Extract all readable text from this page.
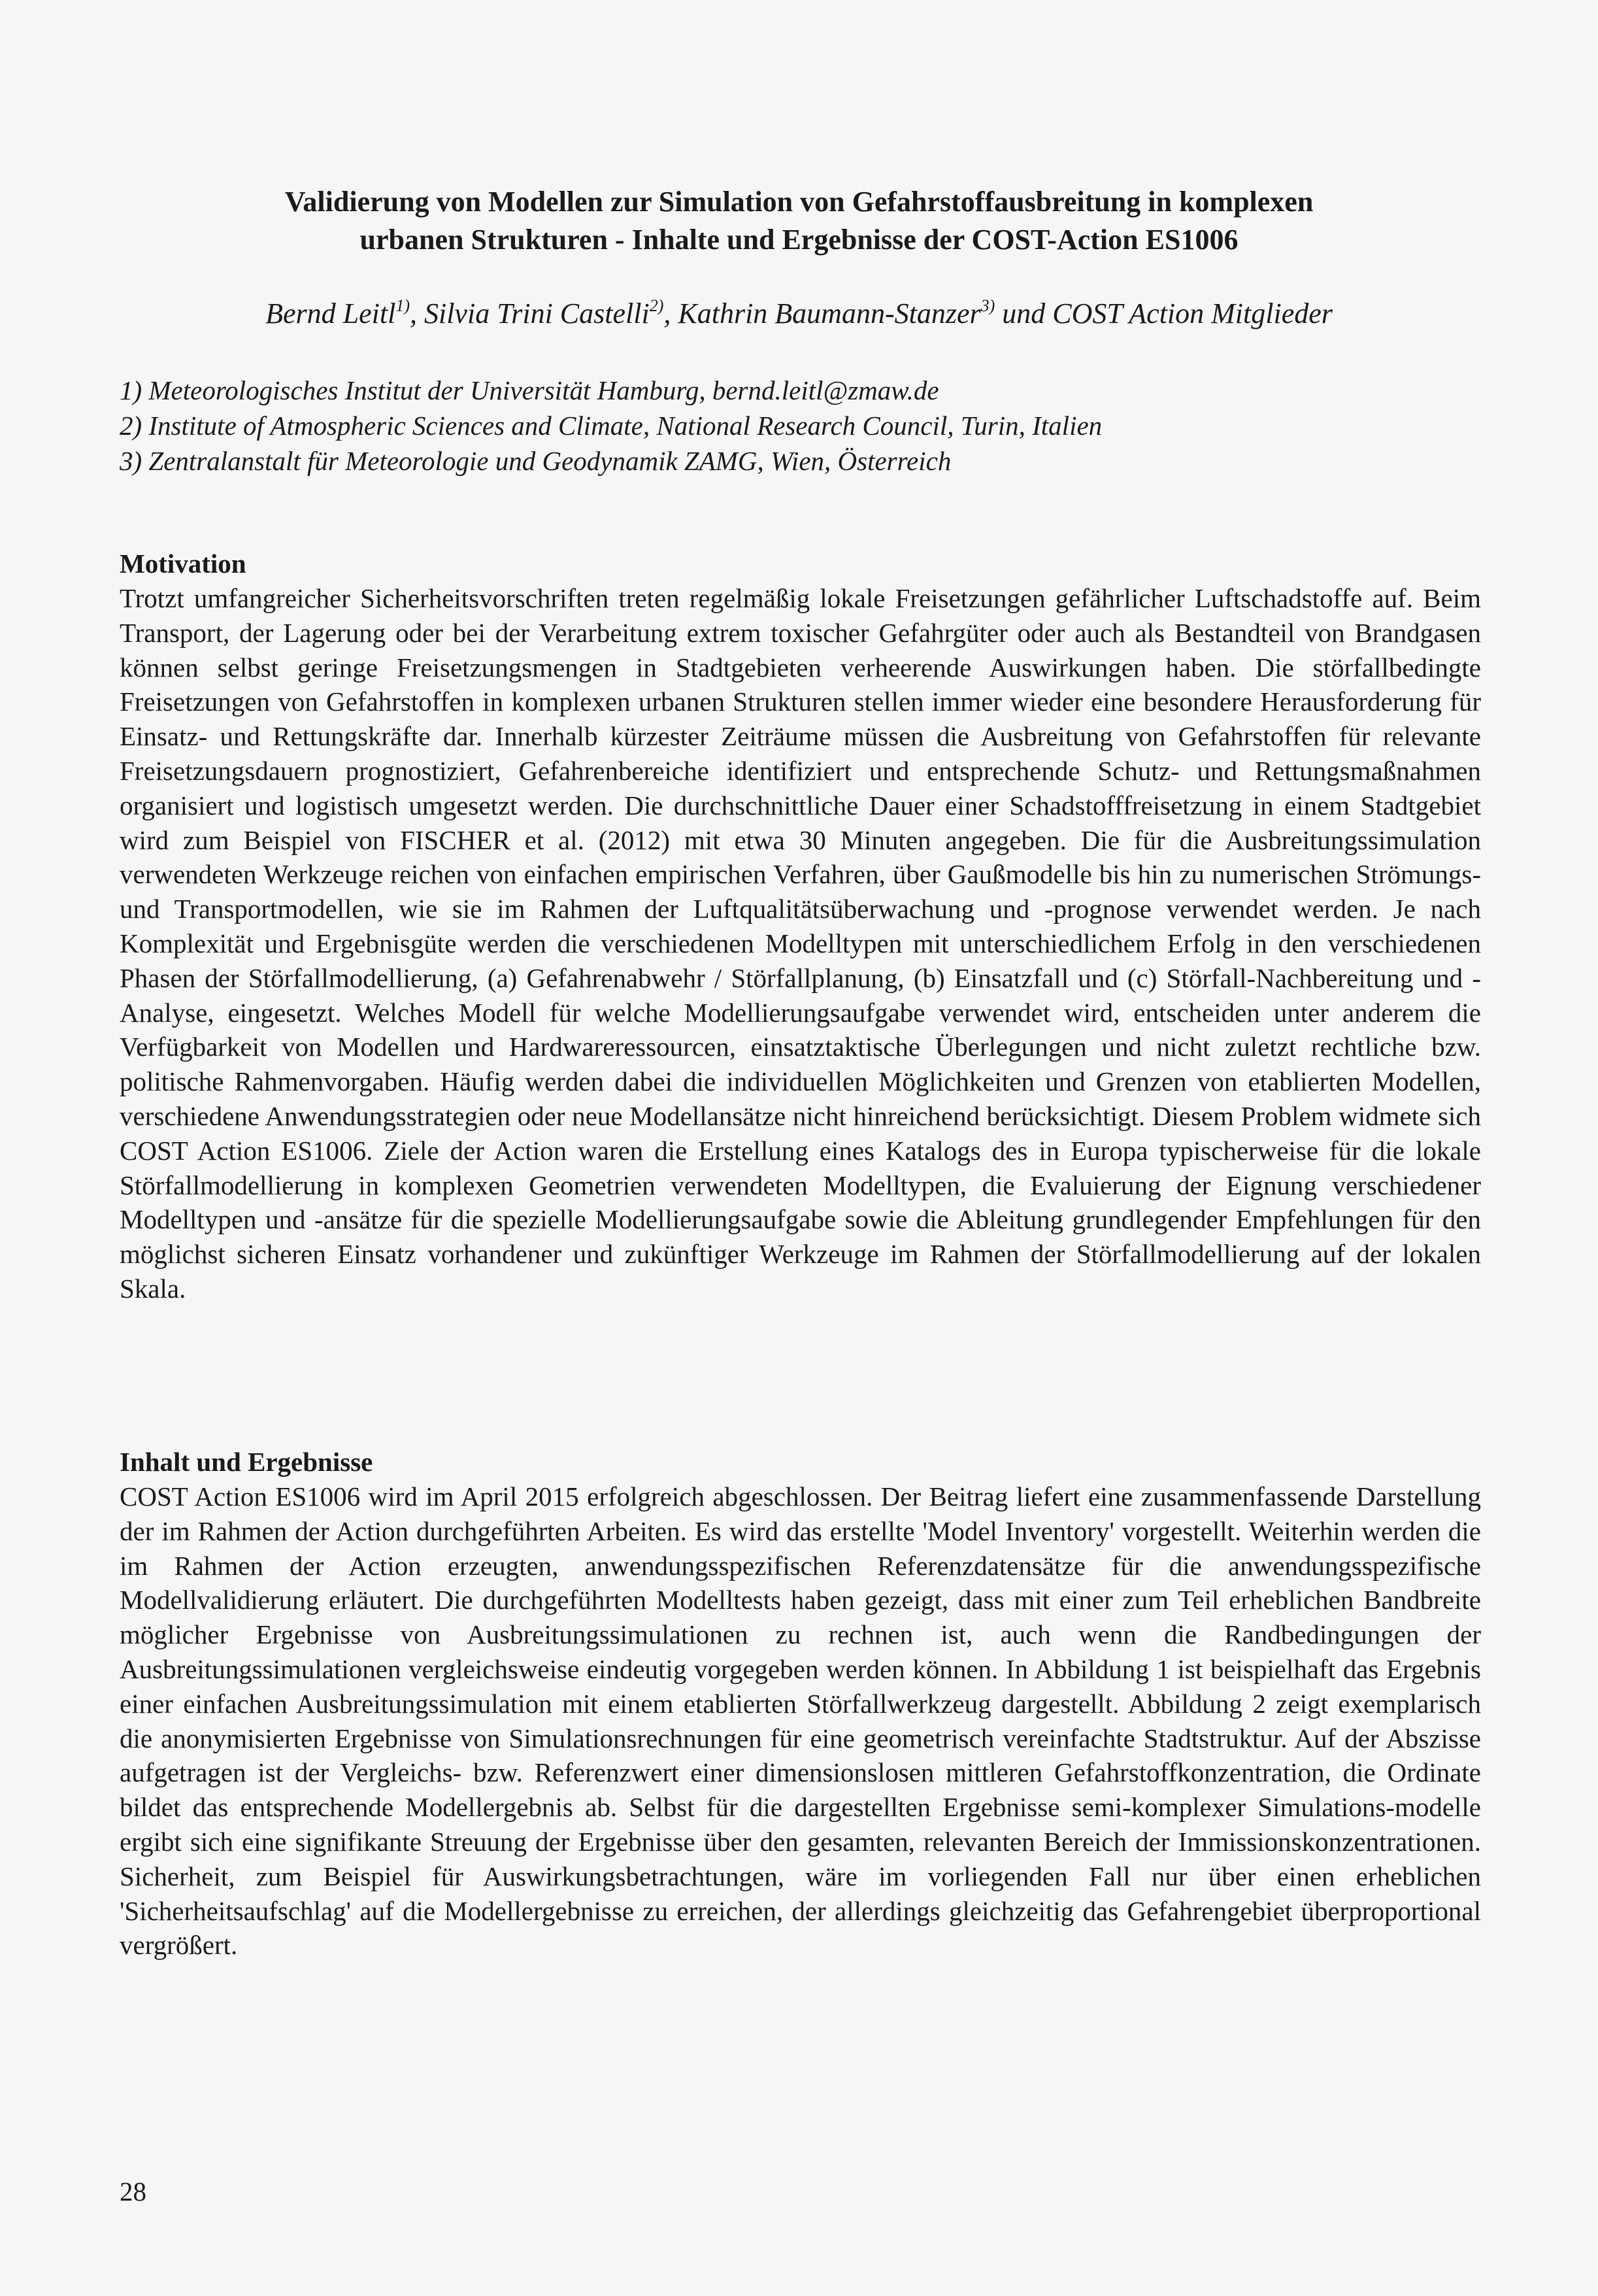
Validierung von Modellen zur Simulation von Gefahrstoffausbreitung in komplexen
urbanen Strukturen - Inhalte und Ergebnisse der COST-Action ES1006
Bernd Leitl$^{1)}$, Silvia Trini Castelli$^{2)}$, Kathrin Baumann-Stanzer$^{3)}$ und COST Action Mitglieder
1) Meteorologisches Institut der Universität Hamburg, bernd.leitl@zmaw.de
2) Institute of Atmospheric Sciences and Climate, National Research Council, Turin, Italien
3) Zentralanstalt für Meteorologie und Geodynamik ZAMG, Wien, Österreich
Motivation
Trotzt umfangreicher Sicherheitsvorschriften treten regelmäßig lokale Freisetzungen gefährlicher Luftschadstoffe auf. Beim Transport, der Lagerung oder bei der Verarbeitung extrem toxischer Gefahrgüter oder auch als Bestandteil von Brandgasen können selbst geringe Freisetzungsmengen in Stadtgebieten verheerende Auswirkungen haben. Die störfallbedingte Freisetzungen von Gefahrstoffen in komplexen urbanen Strukturen stellen immer wieder eine besondere Herausforderung für Einsatz- und Rettungskräfte dar. Innerhalb kürzester Zeiträume müssen die Ausbreitung von Gefahrstoffen für relevante Freisetzungsdauern prognostiziert, Gefahrenbereiche identifiziert und entsprechende Schutz- und Rettungsmaßnahmen organisiert und logistisch umgesetzt werden. Die durchschnittliche Dauer einer Schadstofffreisetzung in einem Stadtgebiet wird zum Beispiel von FISCHER et al. (2012) mit etwa 30 Minuten angegeben. Die für die Ausbreitungssimulation verwendeten Werkzeuge reichen von einfachen empirischen Verfahren, über Gaußmodelle bis hin zu numerischen Strömungs- und Transportmodellen, wie sie im Rahmen der Luftqualitätsüberwachung und -prognose verwendet werden. Je nach Komplexität und Ergebnisgüte werden die verschiedenen Modelltypen mit unterschiedlichem Erfolg in den verschiedenen Phasen der Störfallmodellierung, (a) Gefahrenabwehr / Störfallplanung, (b) Einsatzfall und (c) Störfall-Nachbereitung und -Analyse, eingesetzt. Welches Modell für welche Modellierungsaufgabe verwendet wird, entscheiden unter anderem die Verfügbarkeit von Modellen und Hardwareressourcen, einsatztaktische Überlegungen und nicht zuletzt rechtliche bzw. politische Rahmenvorgaben. Häufig werden dabei die individuellen Möglichkeiten und Grenzen von etablierten Modellen, verschiedene Anwendungsstrategien oder neue Modellansätze nicht hinreichend berücksichtigt. Diesem Problem widmete sich COST Action ES1006. Ziele der Action waren die Erstellung eines Katalogs des in Europa typischerweise für die lokale Störfallmodellierung in komplexen Geometrien verwendeten Modelltypen, die Evaluierung der Eignung verschiedener Modelltypen und -ansätze für die spezielle Modellierungsaufgabe sowie die Ableitung grundlegender Empfehlungen für den möglichst sicheren Einsatz vorhandener und zukünftiger Werkzeuge im Rahmen der Störfallmodellierung auf der lokalen Skala.
Inhalt und Ergebnisse
COST Action ES1006 wird im April 2015 erfolgreich abgeschlossen. Der Beitrag liefert eine zusammenfassende Darstellung der im Rahmen der Action durchgeführten Arbeiten. Es wird das erstellte 'Model Inventory' vorgestellt. Weiterhin werden die im Rahmen der Action erzeugten, anwendungsspezifischen Referenzdatensätze für die anwendungsspezifische Modellvalidierung erläutert. Die durchgeführten Modelltests haben gezeigt, dass mit einer zum Teil erheblichen Bandbreite möglicher Ergebnisse von Ausbreitungssimulationen zu rechnen ist, auch wenn die Randbedingungen der Ausbreitungssimulationen vergleichsweise eindeutig vorgegeben werden können. In Abbildung 1 ist beispielhaft das Ergebnis einer einfachen Ausbreitungssimulation mit einem etablierten Störfallwerkzeug dargestellt. Abbildung 2 zeigt exemplarisch die anonymisierten Ergebnisse von Simulationsrechnungen für eine geometrisch vereinfachte Stadtstruktur. Auf der Abszisse aufgetragen ist der Vergleichs- bzw. Referenzwert einer dimensionslosen mittleren Gefahrstoffkonzentration, die Ordinate bildet das entsprechende Modellergebnis ab. Selbst für die dargestellten Ergebnisse semi-komplexer Simulations-modelle ergibt sich eine signifikante Streuung der Ergebnisse über den gesamten, relevanten Bereich der Immissionskonzentrationen. Sicherheit, zum Beispiel für Auswirkungsbetrachtungen, wäre im vorliegenden Fall nur über einen erheblichen 'Sicherheitsaufschlag' auf die Modellergebnisse zu erreichen, der allerdings gleichzeitig das Gefahrengebiet überproportional vergrößert.
28
